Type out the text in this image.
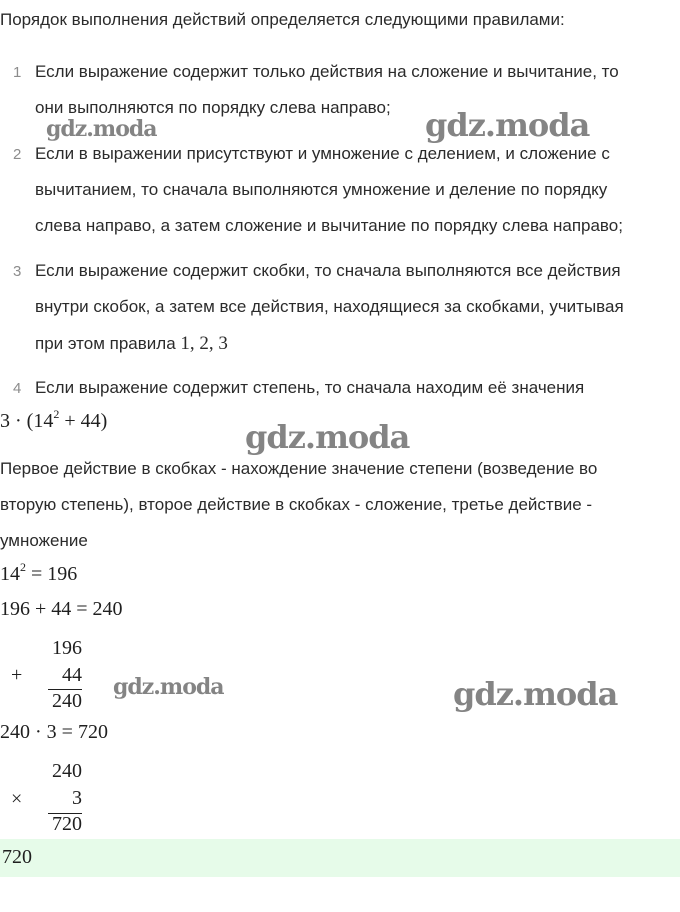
Порядок выполнения действий определяется следующими правилами:
1 Если выражение содержит только действия на сложение и вычитание, то
они выполняются по порядку слева направо;
2 Если в выражении присутствуют и умножение с делением, и сложение с
вычитанием, то сначала выполняются умножение и деление по порядку
слева направо, а затем сложение и вычитание по порядку слева направо;
3 Если выражение содержит скобки, то сначала выполняются все действия
внутри скобок, а затем все действия, находящиеся за скобками, учитывая
при этом правила 1, 2, 3
4 Если выражение содержит степень, то сначала находим её значения
$3 \cdot (14^2 + 44)$
Первое действие в скобках - нахождение значение степени (возведение во
вторую степень), второе действие в скобках - сложение, третье действие -
умножение
$14^2 = 196$
196 + 44 = 240
+
196
44
240
240 · 3 = 720
×
240
3
720
720
gdz.moda	gdz.moda
gdz.moda
gdz.moda	gdz.moda
